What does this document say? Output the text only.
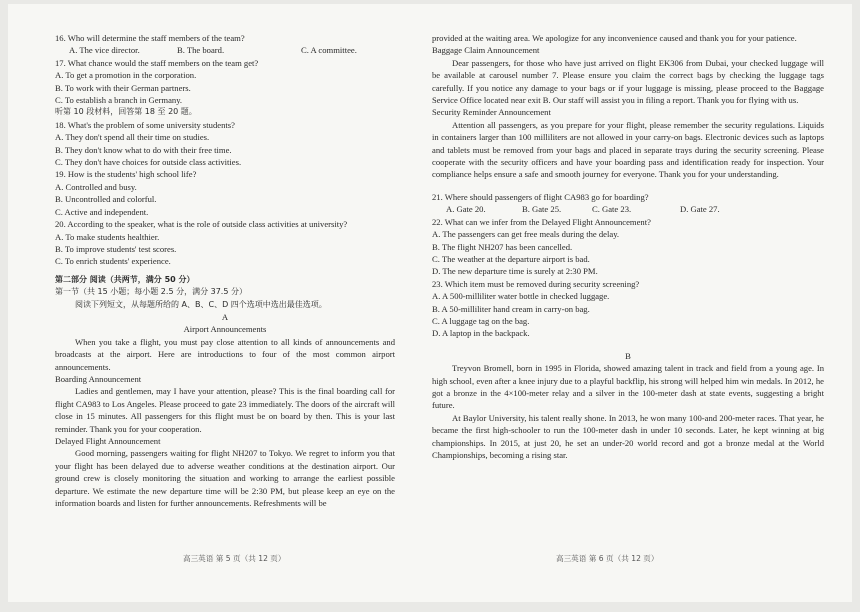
16. Who will determine the staff members of the team?

A. The vice director.	B. The board.	C. A committee.

17. What chance would the staff members on the team get?

A. To get a promotion in the corporation.

B. To work with their German partners.

C. To establish a branch in Germany.

听第 10 段材料，回答第 18 至 20 题。

18. What's the problem of some university students?

A. They don't spend all their time on studies.

B. They don't know what to do with their free time.

C. They don't have choices for outside class activities.

19. How is the students' high school life?

A. Controlled and busy.

B. Uncontrolled and colorful.

C. Active and independent.

20. According to the speaker, what is the role of outside class activities at university?

A. To make students healthier.

B. To improve students' test scores.

C. To enrich students' experience.

第二部分 阅读（共两节，满分 50 分）

第一节（共 15 小题；每小题 2.5 分，满分 37.5 分）

阅读下列短文，从每题所给的 A、B、C、D 四个选项中选出最佳选项。

A

Airport Announcements

When you take a flight, you must pay close attention to all kinds of announcements and broadcasts at the airport. Here are introductions to four of the most common airport announcements.

Boarding Announcement

Ladies and gentlemen, may I have your attention, please? This is the final boarding call for flight CA983 to Los Angeles. Please proceed to gate 23 immediately. The doors of the aircraft will close in 15 minutes. All passengers for this flight must be on board by then. This is your last reminder. Thank you for your cooperation.

Delayed Flight Announcement

Good morning, passengers waiting for flight NH207 to Tokyo. We regret to inform you that your flight has been delayed due to adverse weather conditions at the destination airport. Our ground crew is closely monitoring the situation and working to arrange the earliest possible departure. We estimate the new departure time will be 2:30 PM, but please keep an eye on the information boards and listen for further announcements. Refreshments will be

高三英语 第 5 页（共 12 页）

provided at the waiting area. We apologize for any inconvenience caused and thank you for your patience.

Baggage Claim Announcement

Dear passengers, for those who have just arrived on flight EK306 from Dubai, your checked luggage will be available at carousel number 7. Please ensure you claim the correct bags by checking the luggage tags carefully. If you notice any damage to your bags or if your luggage is missing, please proceed to the Baggage Service Office located near exit B. Our staff will assist you in filing a report. Thank you for flying with us.

Security Reminder Announcement

Attention all passengers, as you prepare for your flight, please remember the security regulations. Liquids in containers larger than 100 milliliters are not allowed in your carry-on bags. Electronic devices such as laptops and tablets must be removed from your bags and placed in separate trays during the security screening. Please cooperate with the security officers and have your boarding pass and identification ready for inspection. Your compliance helps ensure a safe and smooth journey for everyone. Thank you for your understanding.

21. Where should passengers of flight CA983 go for boarding?

A. Gate 20.	B. Gate 25.	C. Gate 23.	D. Gate 27.

22. What can we infer from the Delayed Flight Announcement?

A. The passengers can get free meals during the delay.

B. The flight NH207 has been cancelled.

C. The weather at the departure airport is bad.

D. The new departure time is surely at 2:30 PM.

23. Which item must be removed during security screening?

A. A 500-milliliter water bottle in checked luggage.

B. A 50-milliliter hand cream in carry-on bag.

C. A luggage tag on the bag.

D. A laptop in the backpack.

B

Treyvon Bromell, born in 1995 in Florida, showed amazing talent in track and field from a young age. In high school, even after a knee injury due to a playful backflip, his strong will helped him win medals. In 2012, he got a bronze in the 4×100-meter relay and a silver in the 100-meter dash at state events, suggesting a bright future.

At Baylor University, his talent really shone. In 2013, he won many 100-and 200-meter races. That year, he became the first high-schooler to run the 100-meter dash in under 10 seconds. Later, he kept winning at big championships. In 2015, at just 20, he set an under-20 world record and got a bronze medal at the World Championships, becoming a rising star.

高三英语 第 6 页（共 12 页）
